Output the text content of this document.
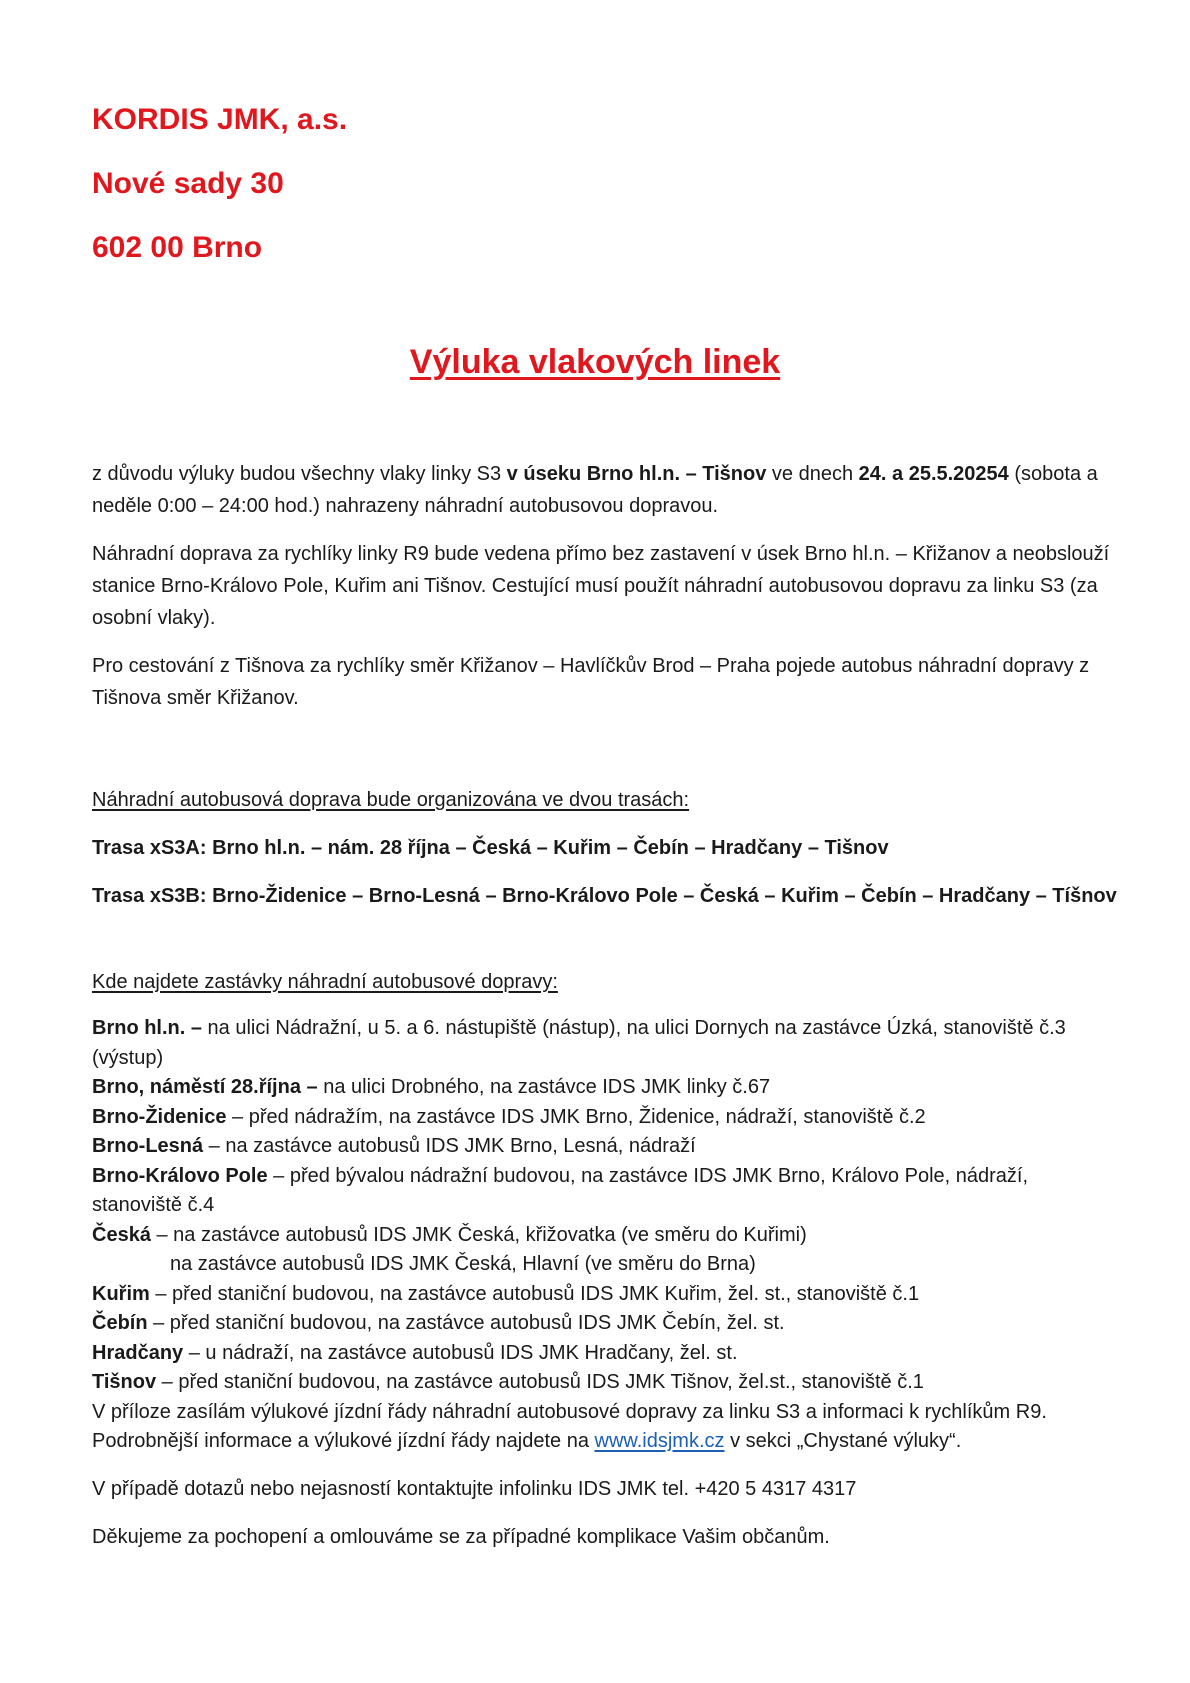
KORDIS JMK, a.s.
Nové sady 30
602 00 Brno
Výluka vlakových linek

z důvodu výluky budou všechny vlaky linky S3 v úseku Brno hl.n. – Tišnov ve dnech 24. a 25.5.20254 (sobota a neděle 0:00 – 24:00 hod.) nahrazeny náhradní autobusovou dopravou.

Náhradní doprava za rychlíky linky R9 bude vedena přímo bez zastavení v úsek Brno hl.n. – Křižanov a neobslouží stanice Brno-Královo Pole, Kuřim ani Tišnov. Cestující musí použít náhradní autobusovou dopravu za linku S3 (za osobní vlaky).

Pro cestování z Tišnova za rychlíky směr Křižanov – Havlíčkův Brod – Praha pojede autobus náhradní dopravy z Tišnova směr Křižanov.

Náhradní autobusová doprava bude organizována ve dvou trasách:

Trasa xS3A: Brno hl.n. – nám. 28 října – Česká – Kuřim – Čebín – Hradčany – Tišnov

Trasa xS3B: Brno-Židenice – Brno-Lesná – Brno-Královo Pole – Česká – Kuřim – Čebín – Hradčany – Tíšnov

Kde najdete zastávky náhradní autobusové dopravy:

Brno hl.n. – na ulici Nádražní, u 5. a 6. nástupiště (nástup), na ulici Dornych na zastávce Úzká, stanoviště č.3 (výstup)
Brno, náměstí 28.října – na ulici Drobného, na zastávce IDS JMK linky č.67
Brno-Židenice – před nádražím, na zastávce IDS JMK Brno, Židenice, nádraží, stanoviště č.2
Brno-Lesná – na zastávce autobusů IDS JMK Brno, Lesná, nádraží
Brno-Královo Pole – před bývalou nádražní budovou, na zastávce IDS JMK Brno, Královo Pole, nádraží, stanoviště č.4
Česká – na zastávce autobusů IDS JMK Česká, křižovatka (ve směru do Kuřimi)
na zastávce autobusů IDS JMK Česká, Hlavní (ve směru do Brna)
Kuřim – před staniční budovou, na zastávce autobusů IDS JMK Kuřim, žel. st., stanoviště č.1
Čebín – před staniční budovou, na zastávce autobusů IDS JMK Čebín, žel. st.
Hradčany – u nádraží, na zastávce autobusů IDS JMK Hradčany, žel. st.
Tišnov – před staniční budovou, na zastávce autobusů IDS JMK Tišnov, žel.st., stanoviště č.1
V příloze zasílám výlukové jízdní řády náhradní autobusové dopravy za linku S3 a informaci k rychlíkům R9.
Podrobnější informace a výlukové jízdní řády najdete na www.idsjmk.cz v sekci „Chystané výluky“.

V případě dotazů nebo nejasností kontaktujte infolinku IDS JMK tel. +420 5 4317 4317

Děkujeme za pochopení a omlouváme se za případné komplikace Vašim občanům.
